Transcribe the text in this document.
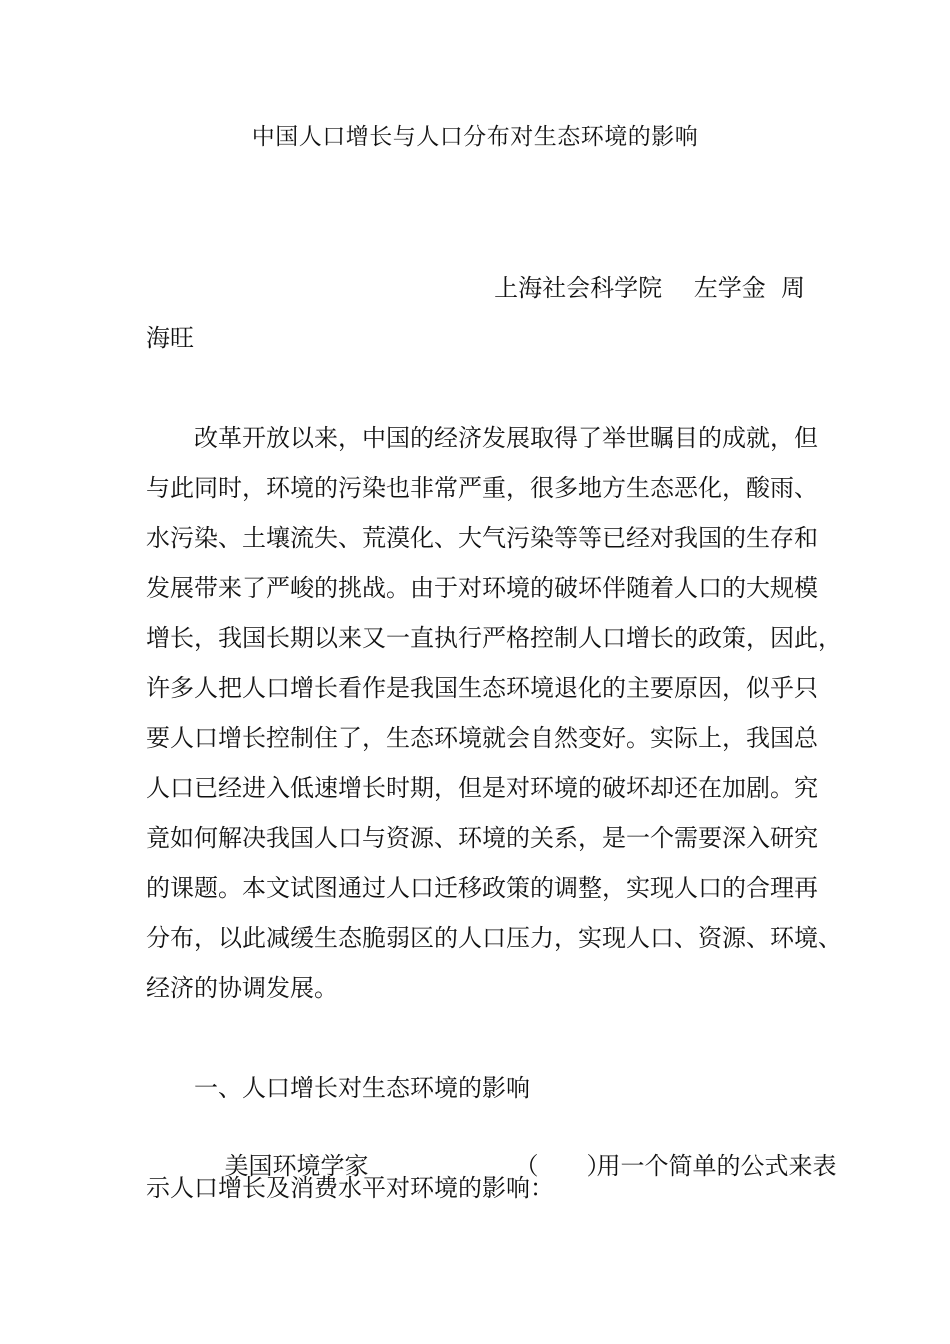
中国人口增长与人口分布对生态环境的影响
上海社会科学院 　左学金  周
海旺
改革开放以来，中国的经济发展取得了举世瞩目的成就，但
与此同时，环境的污染也非常严重，很多地方生态恶化，酸雨、
水污染、土壤流失、荒漠化、大气污染等等已经对我国的生存和
发展带来了严峻的挑战。由于对环境的破坏伴随着人口的大规模
增长，我国长期以来又一直执行严格控制人口增长的政策，因此，
许多人把人口增长看作是我国生态环境退化的主要原因，似乎只
要人口增长控制住了，生态环境就会自然变好。实际上，我国总
人口已经进入低速增长时期，但是对环境的破坏却还在加剧。究
竟如何解决我国人口与资源、环境的关系，是一个需要深入研究
的课题。本文试图通过人口迁移政策的调整，实现人口的合理再
分布，以此减缓生态脆弱区的人口压力，实现人口、资源、环境、
经济的协调发展。
一、人口增长对生态环境的影响

美国环境学家	（　　）用一个简单的公式来表

示人口增长及消费水平对环境的影响：
